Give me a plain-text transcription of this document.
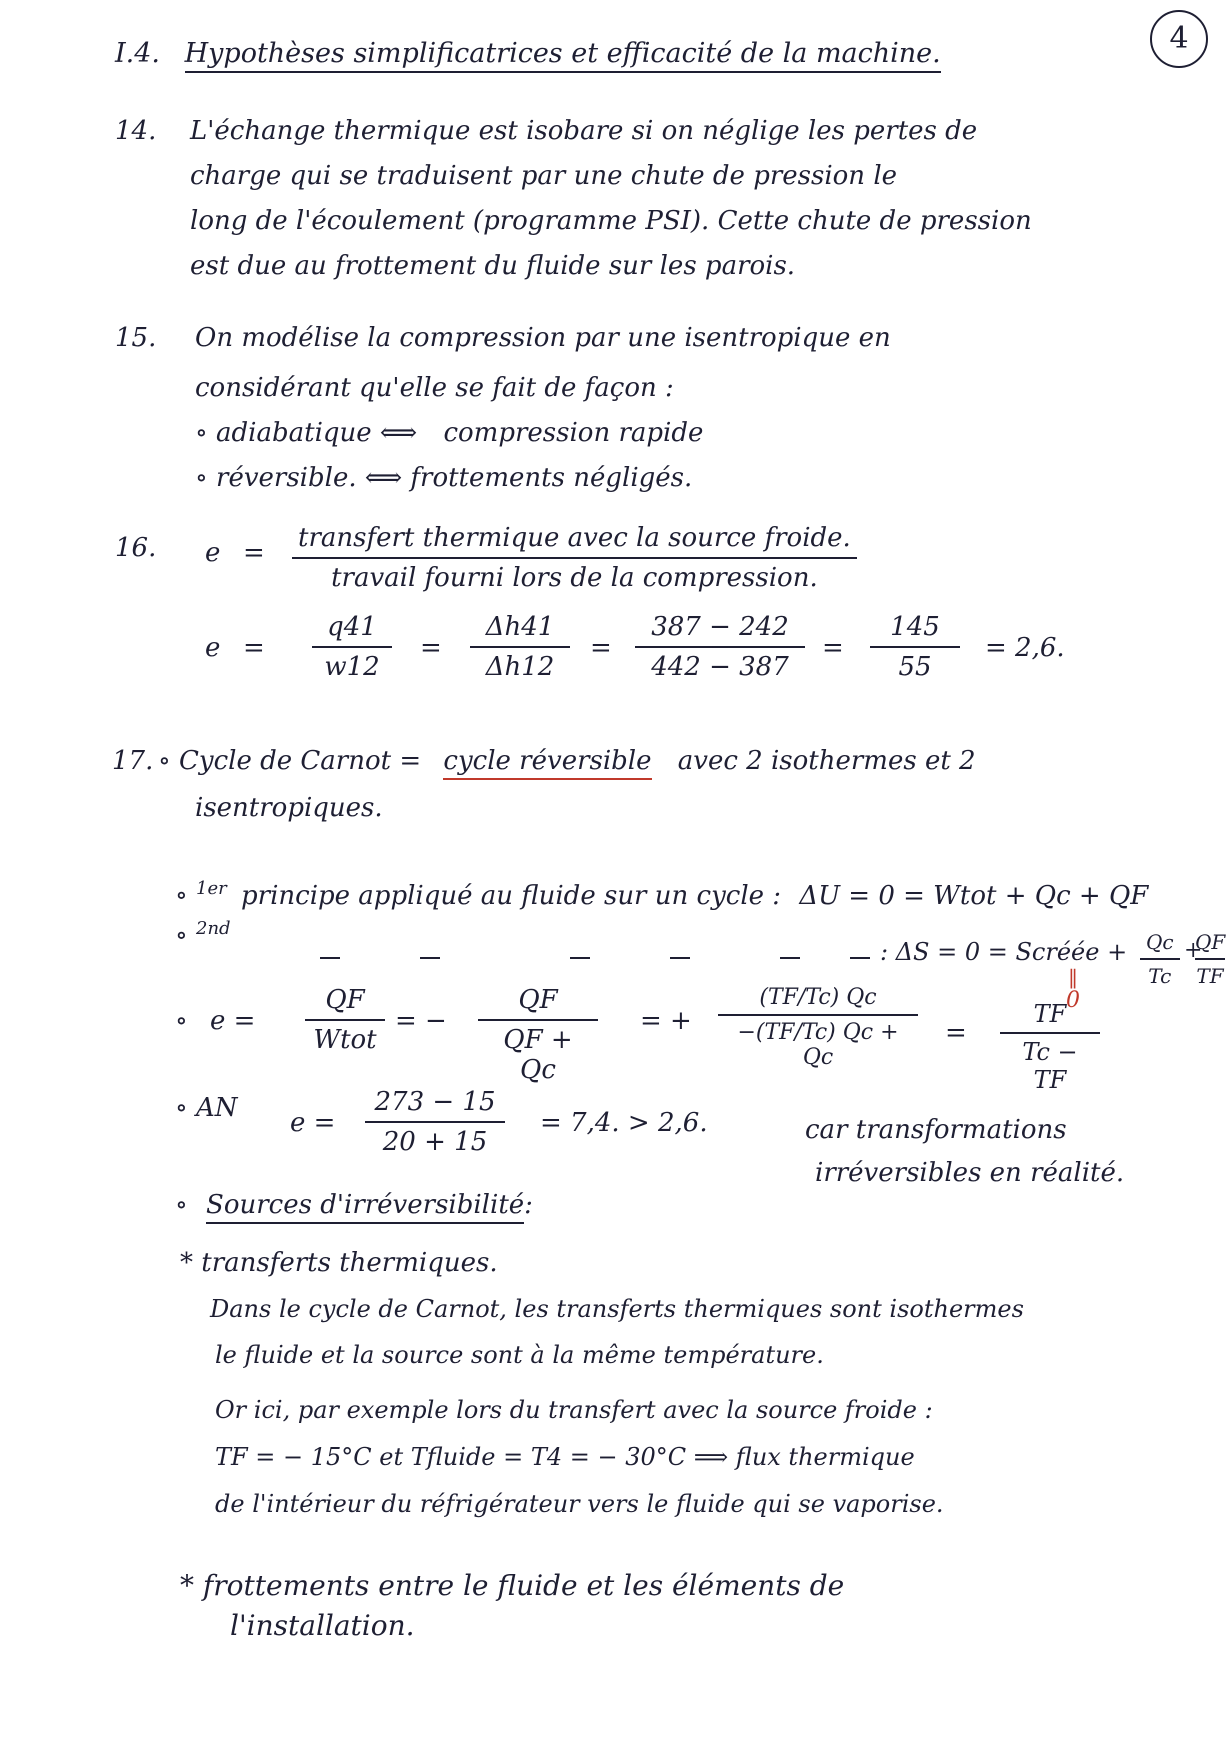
4
I.4. Hypothèses simplificatrices et efficacité de la machine.
14. L'échange thermique est isobare si on néglige les pertes de
charge qui se traduisent par une chute de pression le
long de l'écoulement (programme PSI). Cette chute de pression
est due au frottement du fluide sur les parois.
15. On modélise la compression par une isentropique en
considérant qu'elle se fait de façon :
∘ adiabatique ⟺ compression rapide
∘ réversible. ⟺ frottements négligés.
16. e = transfert thermique avec la source froide.
travail fourni lors de la compression.
e =
q41
w12
=
Δh41
Δh12
=
387 − 242
442 − 387
=
145
55
= 2,6.
17. ∘ Cycle de Carnot = cycle réversible avec 2 isothermes et 2
isentropiques.
∘ $^{1er}$ principe appliqué au fluide sur un cycle : ΔU = 0 = Wtot + Qc + QF
∘ $^{2nd}$
: ΔS = 0 = Scréée + Qc
Tc
+
QF
TF
‖
0
∘ e =
QF
Wtot
= −
QF
QF + Qc
= +
(TF/Tc) Qc
−(TF/Tc) Qc + Qc
=
TF
Tc − TF
∘ AN e =
273 − 15
20 + 15
= 7,4. > 2,6.	car transformations
irréversibles en réalité.
∘ Sources d'irréversibilité:
* transferts thermiques.
Dans le cycle de Carnot, les transferts thermiques sont isothermes
le fluide et la source sont à la même température.
Or ici, par exemple lors du transfert avec la source froide :
TF = − 15°C et Tfluide = T4 = − 30°C ⟹ flux thermique
de l'intérieur du réfrigérateur vers le fluide qui se vaporise.
* frottements entre le fluide et les éléments de
l'installation.
